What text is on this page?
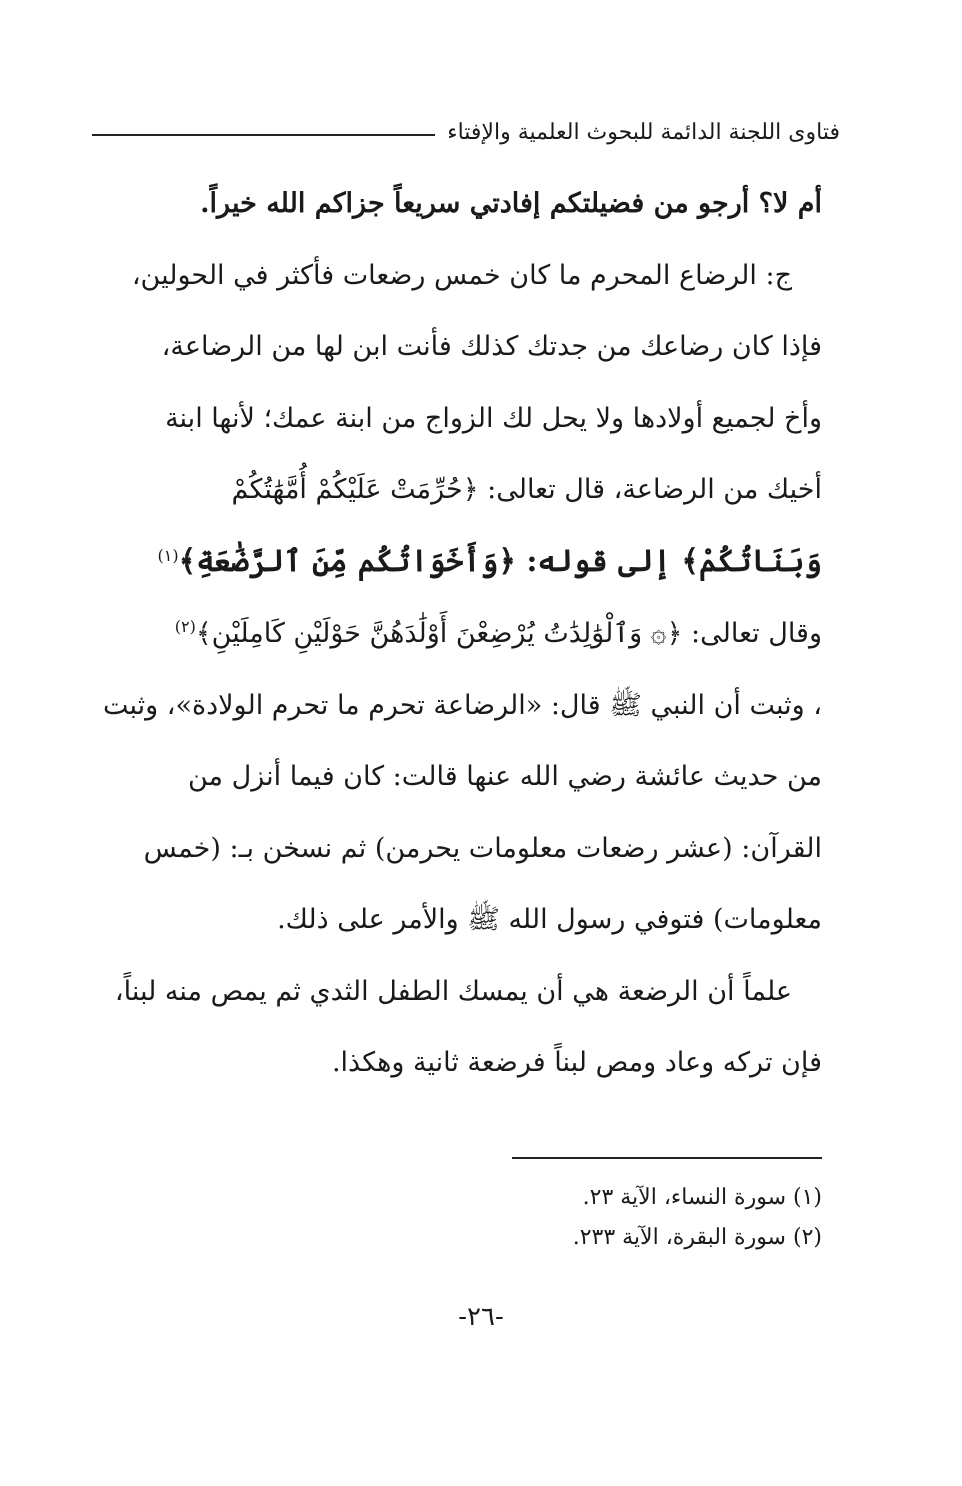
فتاوى اللجنة الدائمة للبحوث العلمية والإفتاء
أم لا؟ أرجو من فضيلتكم إفادتي سريعاً جزاكم الله خيراً.
ج: الرضاع المحرم ما كان خمس رضعات فأكثر في الحولين،
فإذا كان رضاعك من جدتك كذلك فأنت ابن لها من الرضاعة،
وأخ لجميع أولادها ولا يحل لك الزواج من ابنة عمك؛ لأنها ابنة
أخيك من الرضاعة، قال تعالى: ﴿حُرِّمَتْ عَلَيْكُمْ أُمَّهَٰتُكُمْ
وَبَنَاتُكُمْ﴾ إلى قوله: ﴿وَأَخَوَاتُكُم مِّنَ ٱلرَّضَٰعَةِ﴾$^{(١)}$
وقال تعالى: ﴿۞ وَٱلْوَٰلِدَٰتُ يُرْضِعْنَ أَوْلَٰدَهُنَّ حَوْلَيْنِ كَامِلَيْنِ﴾$^{(٢)}$
، وثبت أن النبي ﷺ قال: «الرضاعة تحرم ما تحرم الولادة»، وثبت
من حديث عائشة رضي الله عنها قالت: كان فيما أنزل من
القرآن: (عشر رضعات معلومات يحرمن) ثم نسخن بـ: (خمس
معلومات) فتوفي رسول الله ﷺ والأمر على ذلك.
علماً أن الرضعة هي أن يمسك الطفل الثدي ثم يمص منه لبناً،
فإن تركه وعاد ومص لبناً فرضعة ثانية وهكذا.
(١) سورة النساء، الآية ٢٣.
(٢) سورة البقرة، الآية ٢٣٣.
-٢٦-
